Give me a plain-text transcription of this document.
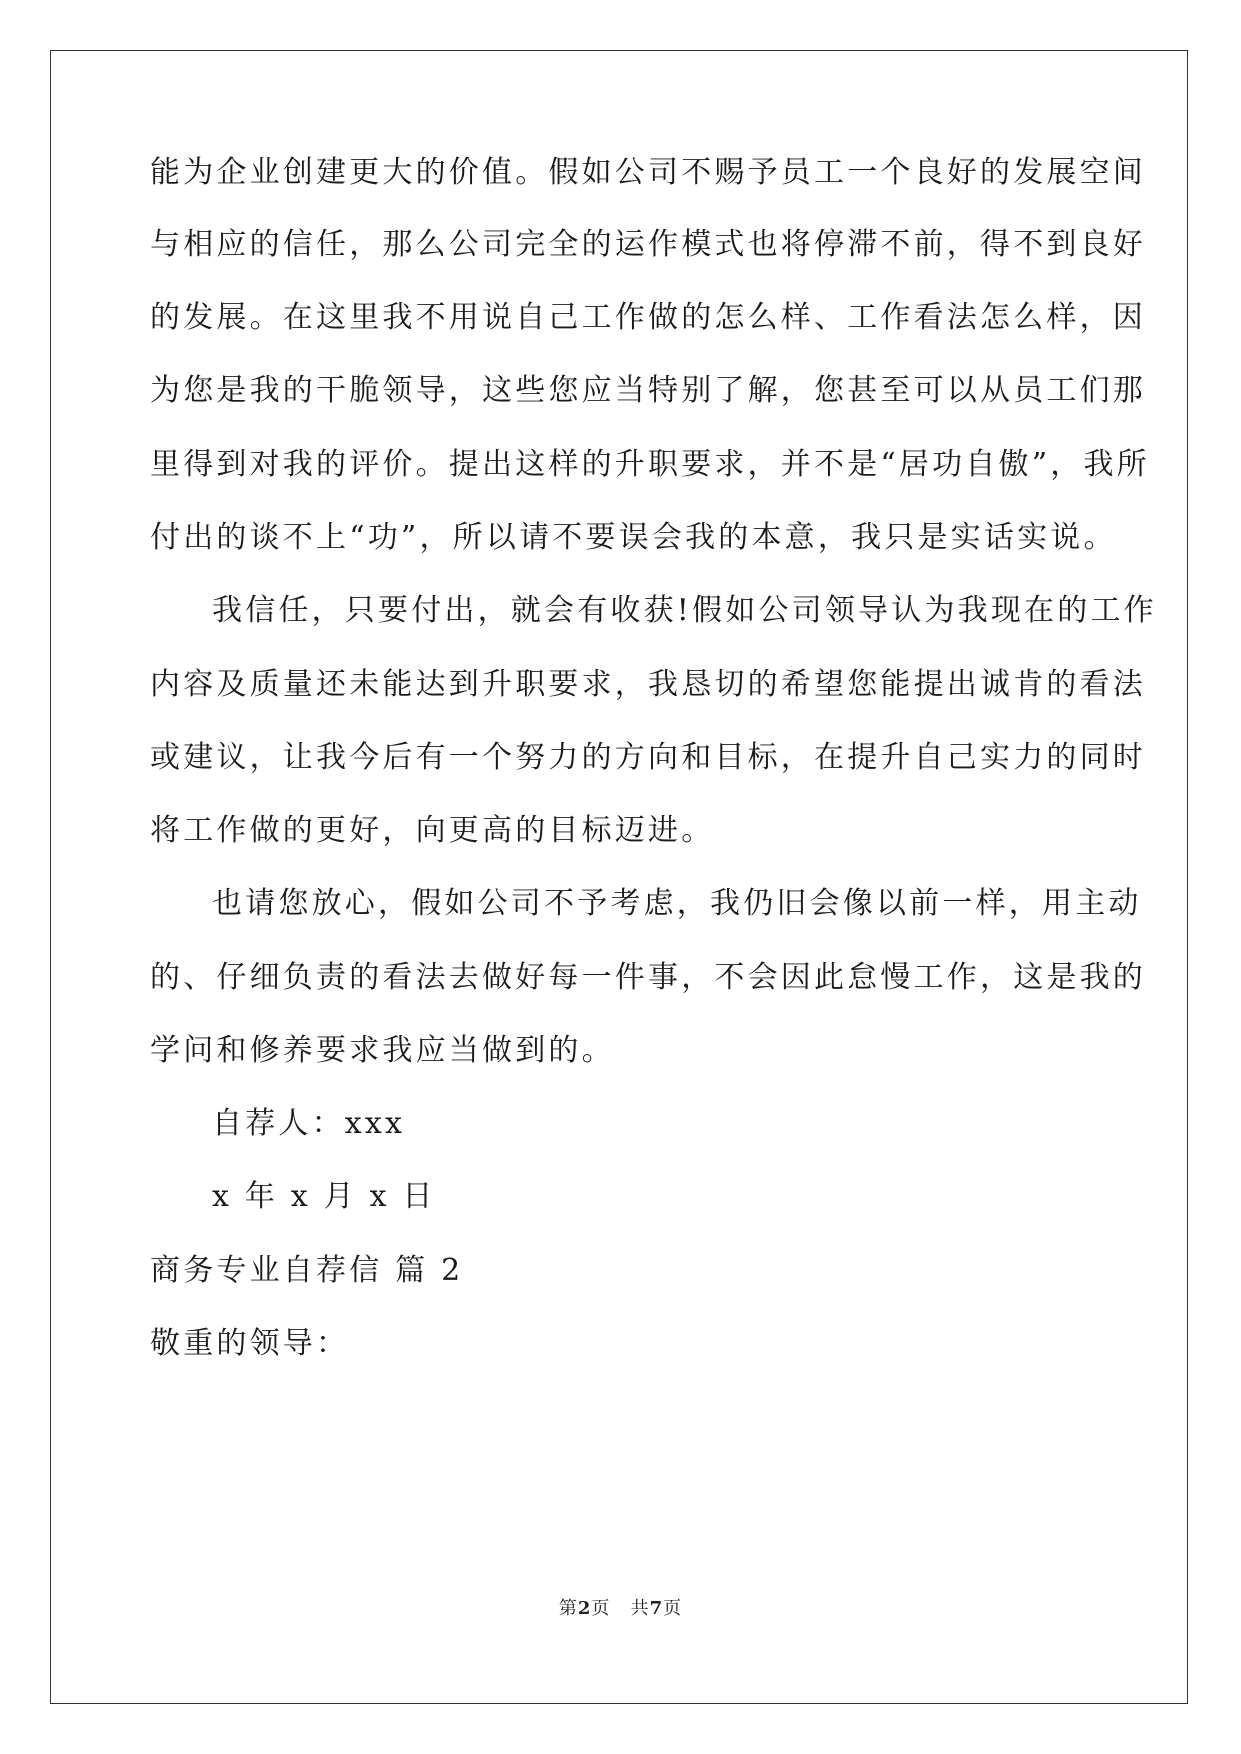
能为企业创建更大的价值。假如公司不赐予员工一个良好的发展空间
与相应的信任，那么公司完全的运作模式也将停滞不前，得不到良好
的发展。在这里我不用说自己工作做的怎么样、工作看法怎么样，因
为您是我的干脆领导，这些您应当特别了解，您甚至可以从员工们那
里得到对我的评价。提出这样的升职要求，并不是“居功自傲”，我所
付出的谈不上“功”，所以请不要误会我的本意，我只是实话实说。
我信任，只要付出，就会有收获!假如公司领导认为我现在的工作
内容及质量还未能达到升职要求，我恳切的希望您能提出诚肯的看法
或建议，让我今后有一个努力的方向和目标，在提升自己实力的同时
将工作做的更好，向更高的目标迈进。
也请您放心，假如公司不予考虑，我仍旧会像以前一样，用主动
的、仔细负责的看法去做好每一件事，不会因此怠慢工作，这是我的
学问和修养要求我应当做到的。
自荐人：xxx
x 年 x 月 x 日
商务专业自荐信 篇 2
敬重的领导：
第2页 共7页
